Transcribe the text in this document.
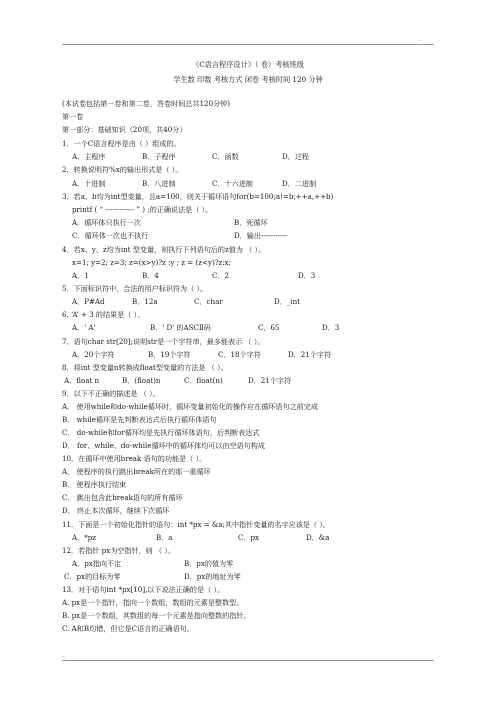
..
《C语言程序设计》（ 卷）考核班级
学生数 印数 考核方式 闭卷 考核时间 120 分钟
(本试卷包括第一卷和第二卷，答卷时间总共120分钟)
第一卷
第一部分：基础知识（20项，共40分）
1．一个C语言程序是由（ ）组成的。
A．主程序	B．子程序	C．函数	D．过程
2．转换说明符%x的输出形式是（ ）。
A．十进制	B．八进制	C．十六进制	D．二进制
3．若a、b均为int型变量，且a=100，则关于循环语句for(b=100;a!=b;++a,++b)
printf ( “ ------------ ” ) ;的正确说法是（ ）。
A．循环体只执行一次	B．死循环
C．循环体一次也不执行	D．输出-----------
4．若x、y、z均为int 型变量，则执行下列语句后的z值为 （ ）。
x=1; y=2; z=3; z=(x>y)?z :y ; z = (z<y)?z:x;
A．1	B．4	C．2	D．3
5．下面标识符中，合法的用户标识符为（ ）。
A．P#Ad	B．12a	C．char	D．_int
6. ‘A’ + 3 的结果是（ ）。
A．' A'	B．' D' 的ASCⅡ码	C．65	D．3
7．语句char str[20];说明str是一个字符串，最多能表示 （ ）。
A．20个字符	B．19个字符	C．18个字符	D．21个字符
8．将int 型变量n转换成float型变量的方法是 （ ）。
A．float n	B．(float)n	C．float(n)	D．21个字符
9．以下不正确的描述是 （ ）。
A． 使用while和do-while循环时，循环变量初始化的操作应在循环语句之前完成
B． while循环是先判断表达式后执行循环体语句
C． do-while和for循环均是先执行循环体语句，后判断表达式
D． for、while、do-while循环中的循环体均可以由空语句构成
10．在循环中使用break 语句的功能是（ ）。
A． 使程序的执行跳出break所在的那一重循环
B． 使程序执行结束
C． 跳出包含此break语句的所有循环
D． 终止本次循环，继续下次循环
11．下面是一个初始化指针的语句：int *px = &a;其中指针变量的名字应该是（ ）。
A．*pz	B．a	C．px	D．&a
12．若指针 px为空指针，则 （ ）。
A．px指向不定	B．px的值为零
C．px的目标为零	D．px的地址为零
13．对于语句int *px[10],以下说法正确的是（ ）。
A. px是一个指针，指向一个数组，数组的元素是整数型。
B. px是一个数组，其数组的每一个元素是指向整数的指针。
C. A和B均错，但它是C语言的正确语句。
-.
